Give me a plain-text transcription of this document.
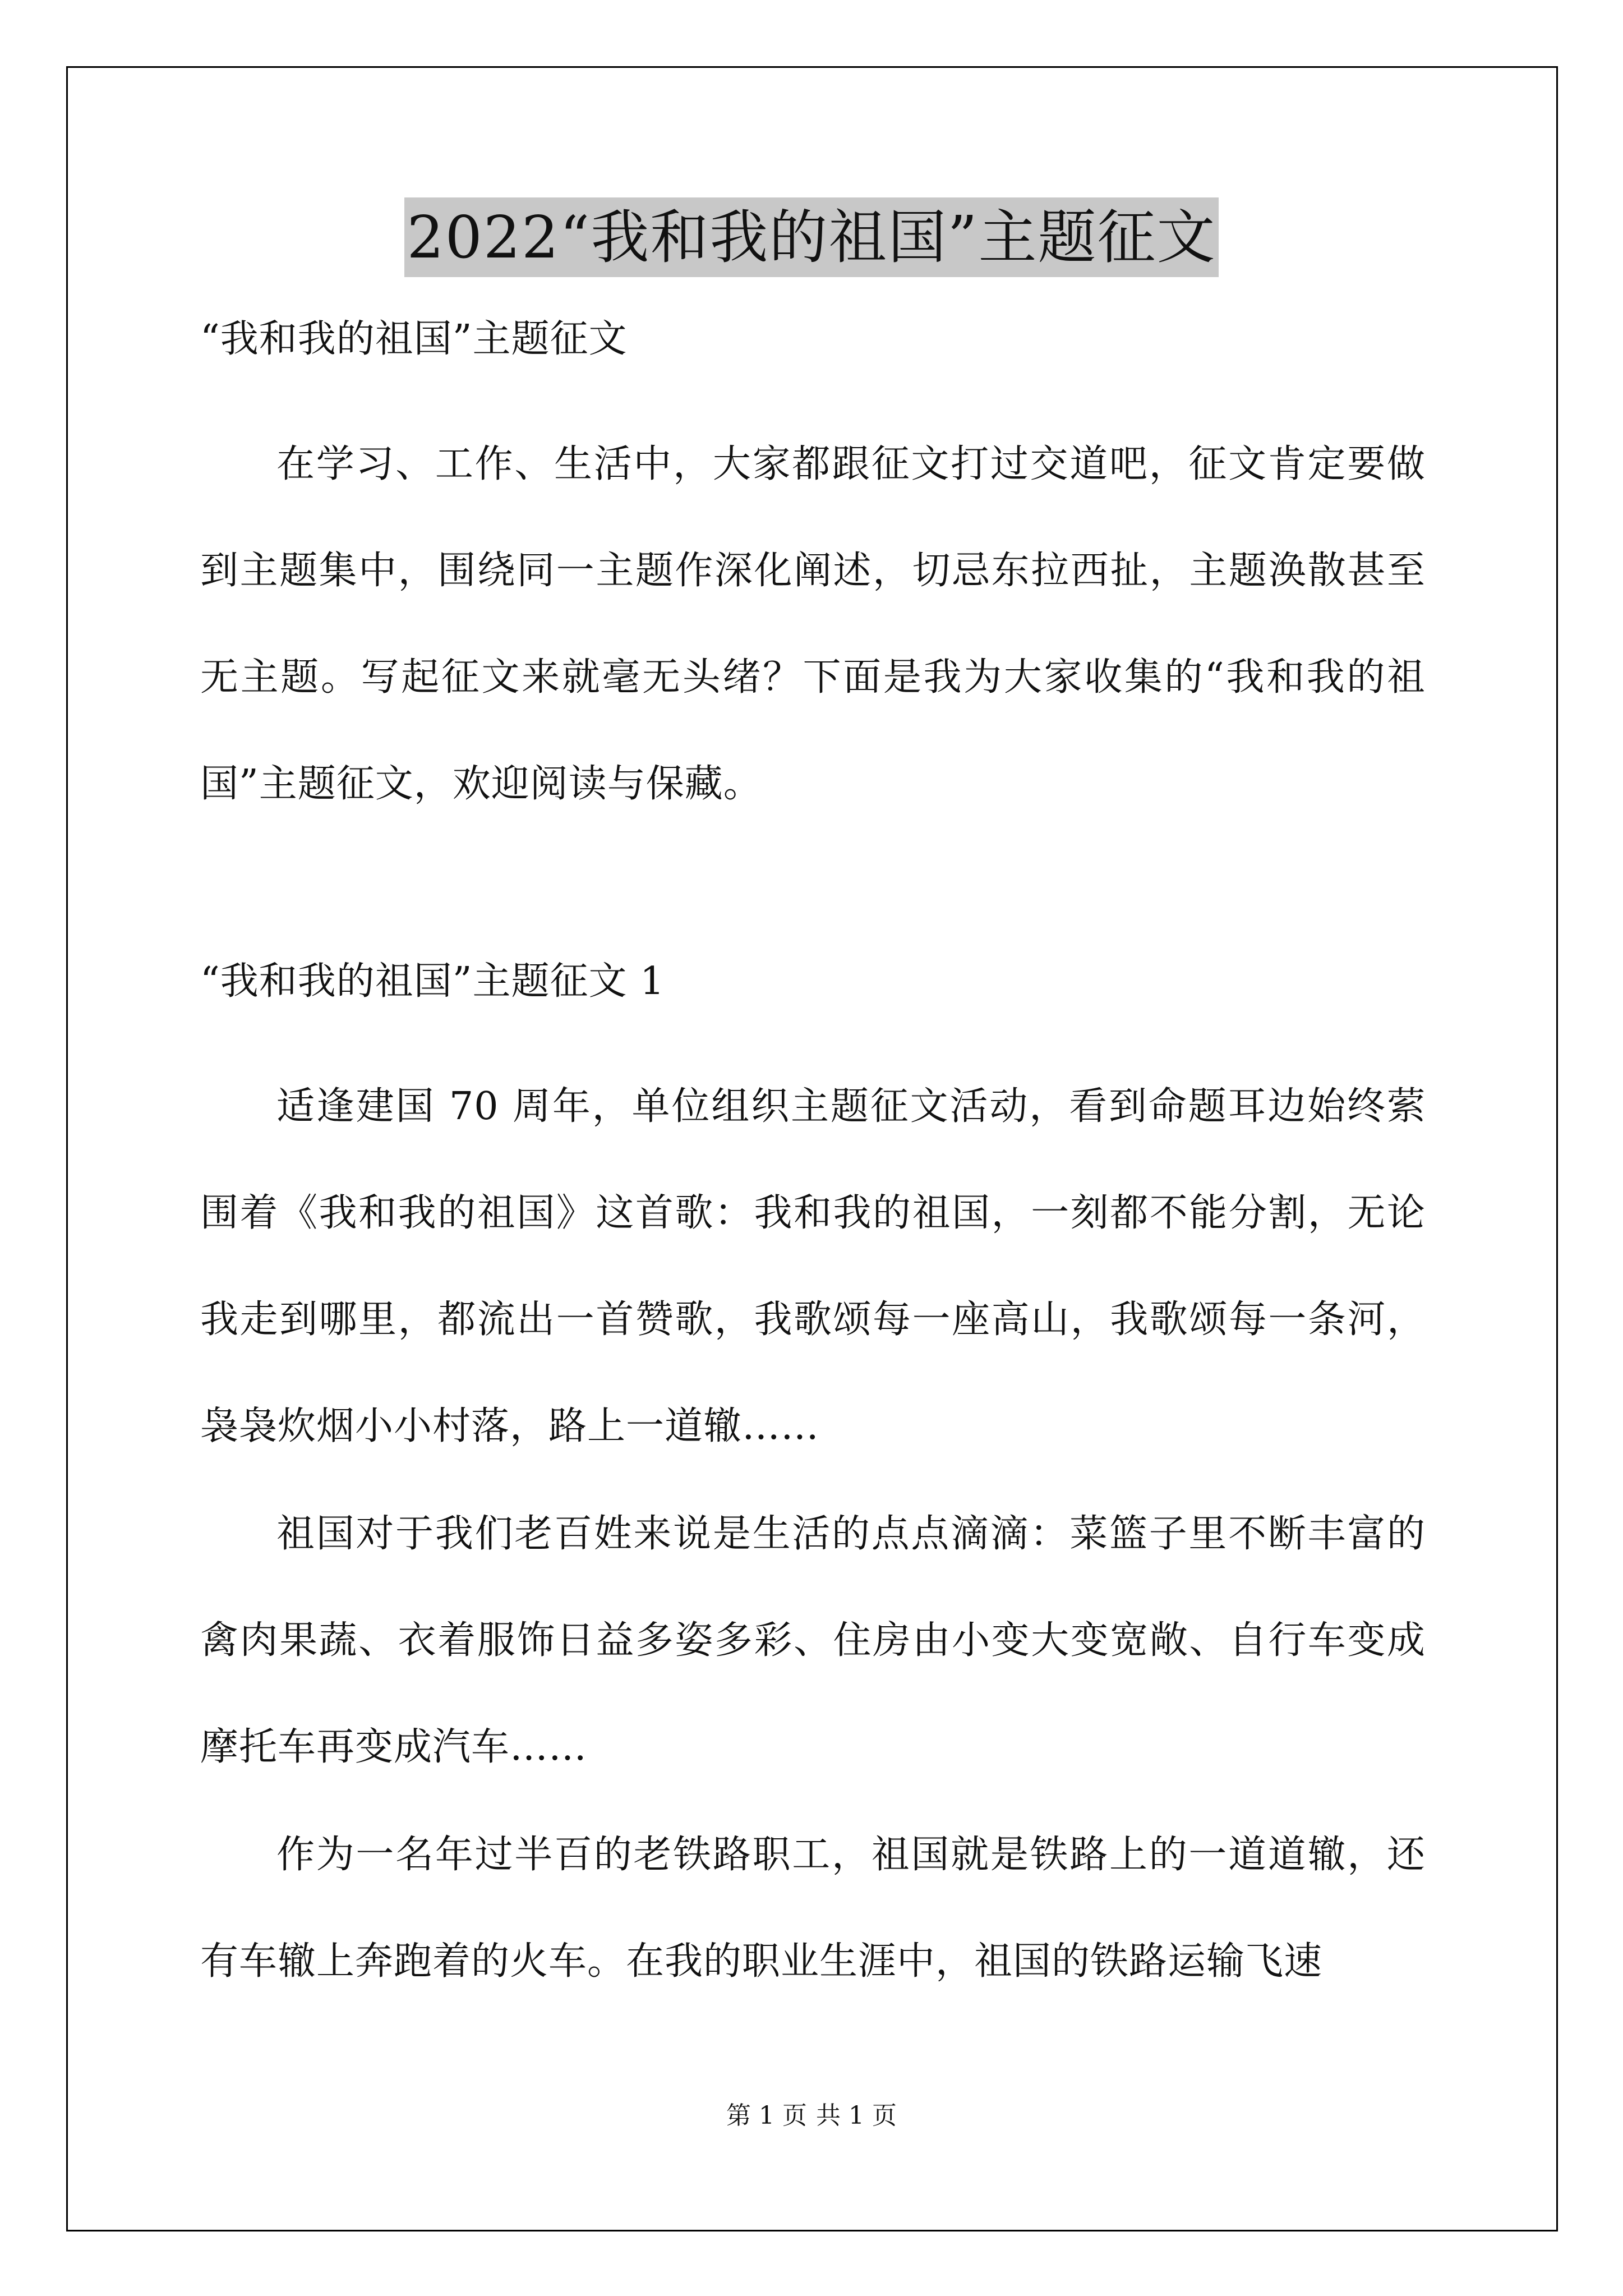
2022“我和我的祖国”主题征文

“我和我的祖国”主题征文

在学习、工作、生活中，大家都跟征文打过交道吧，征文肯定要做到主题集中，围绕同一主题作深化阐述，切忌东拉西扯，主题涣散甚至无主题。写起征文来就毫无头绪？下面是我为大家收集的“我和我的祖国”主题征文，欢迎阅读与保藏。

“我和我的祖国”主题征文 1

适逢建国 70 周年，单位组织主题征文活动，看到命题耳边始终萦围着《我和我的祖国》这首歌：我和我的祖国，一刻都不能分割，无论我走到哪里，都流出一首赞歌，我歌颂每一座高山，我歌颂每一条河，袅袅炊烟小小村落，路上一道辙……

祖国对于我们老百姓来说是生活的点点滴滴：菜篮子里不断丰富的禽肉果蔬、衣着服饰日益多姿多彩、住房由小变大变宽敞、自行车变成摩托车再变成汽车……

作为一名年过半百的老铁路职工，祖国就是铁路上的一道道辙，还有车辙上奔跑着的火车。在我的职业生涯中，祖国的铁路运输飞速

第 1 页 共 1 页
